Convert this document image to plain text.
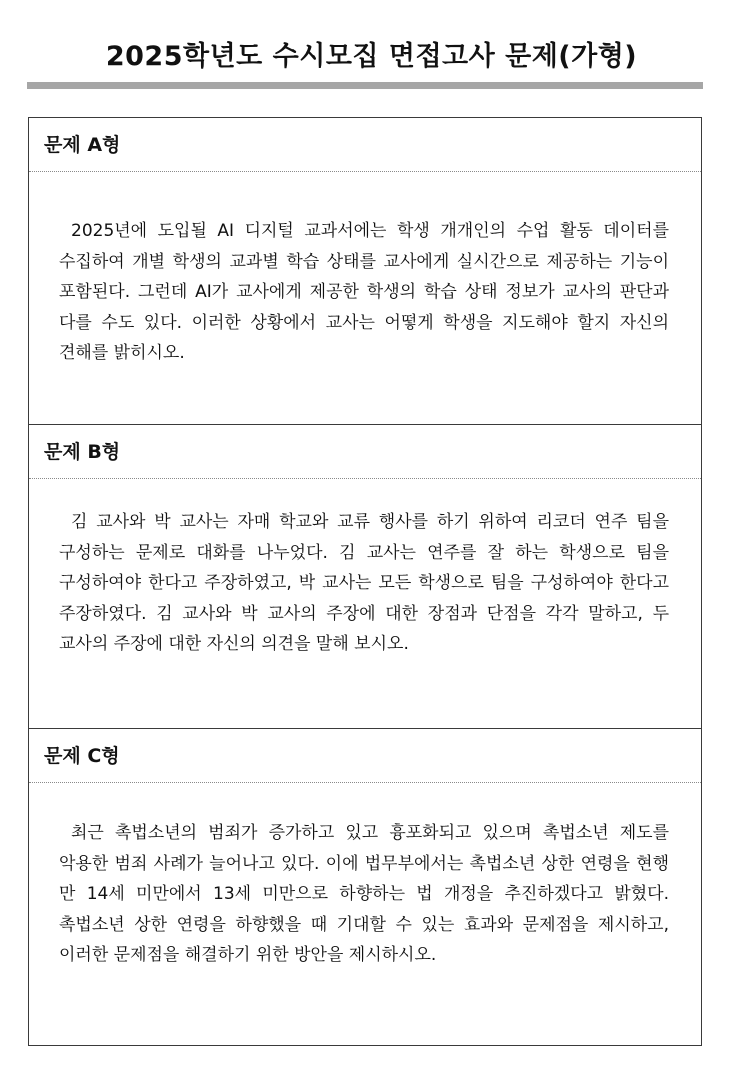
2025학년도 수시모집 면접고사 문제(가형)
문제 A형
2025년에 도입될 AI 디지털 교과서에는 학생 개개인의 수업 활동 데이터를 수집하여 개별 학생의 교과별 학습 상태를 교사에게 실시간으로 제공하는 기능이 포함된다. 그런데 AI가 교사에게 제공한 학생의 학습 상태 정보가 교사의 판단과 다를 수도 있다. 이러한 상황에서 교사는 어떻게 학생을 지도해야 할지 자신의 견해를 밝히시오.
문제 B형
김 교사와 박 교사는 자매 학교와 교류 행사를 하기 위하여 리코더 연주 팀을 구성하는 문제로 대화를 나누었다. 김 교사는 연주를 잘 하는 학생으로 팀을 구성하여야 한다고 주장하였고, 박 교사는 모든 학생으로 팀을 구성하여야 한다고 주장하였다. 김 교사와 박 교사의 주장에 대한 장점과 단점을 각각 말하고, 두 교사의 주장에 대한 자신의 의견을 말해 보시오.
문제 C형
최근 촉법소년의 범죄가 증가하고 있고 흉포화되고 있으며 촉법소년 제도를 악용한 범죄 사례가 늘어나고 있다. 이에 법무부에서는 촉법소년 상한 연령을 현행 만 14세 미만에서 13세 미만으로 하향하는 법 개정을 추진하겠다고 밝혔다. 촉법소년 상한 연령을 하향했을 때 기대할 수 있는 효과와 문제점을 제시하고, 이러한 문제점을 해결하기 위한 방안을 제시하시오.
